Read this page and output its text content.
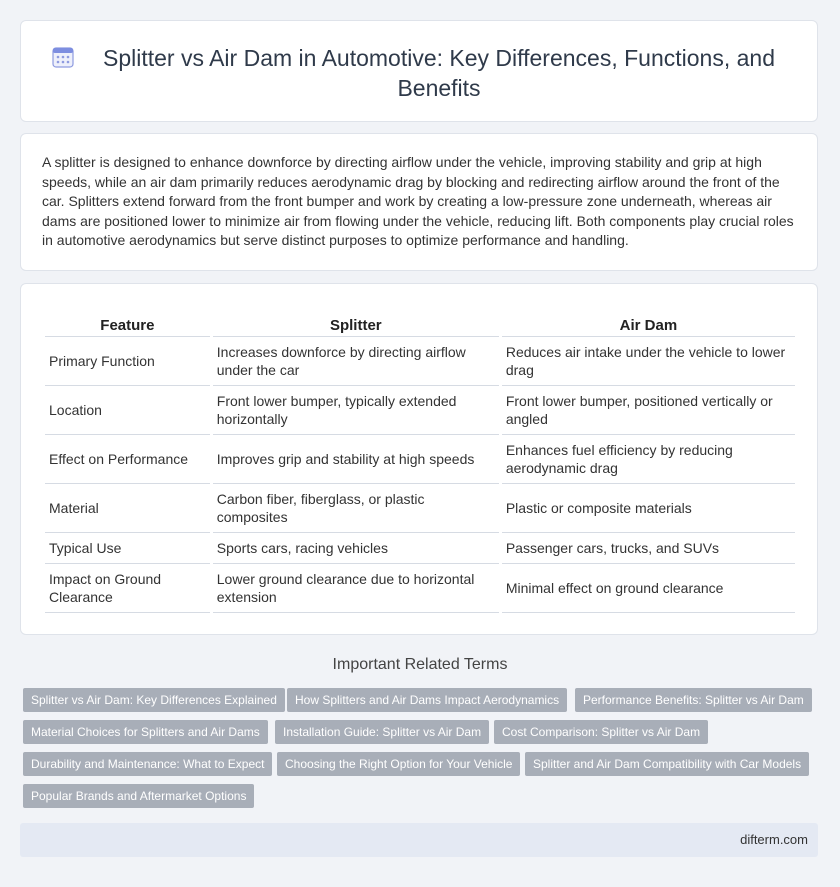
Splitter vs Air Dam in Automotive: Key Differences, Functions, and Benefits

A splitter is designed to enhance downforce by directing airflow under the vehicle, improving stability and grip at high speeds, while an air dam primarily reduces aerodynamic drag by blocking and redirecting airflow around the front of the car. Splitters extend forward from the front bumper and work by creating a low-pressure zone underneath, whereas air dams are positioned lower to minimize air from flowing under the vehicle, reducing lift. Both components play crucial roles in automotive aerodynamics but serve distinct purposes to optimize performance and handling.

Feature	Splitter	Air Dam
Primary Function	Increases downforce by directing airflow under the car	Reduces air intake under the vehicle to lower drag
Location	Front lower bumper, typically extended horizontally	Front lower bumper, positioned vertically or angled
Effect on Performance	Improves grip and stability at high speeds	Enhances fuel efficiency by reducing aerodynamic drag
Material	Carbon fiber, fiberglass, or plastic composites	Plastic or composite materials
Typical Use	Sports cars, racing vehicles	Passenger cars, trucks, and SUVs
Impact on Ground Clearance	Lower ground clearance due to horizontal extension	Minimal effect on ground clearance
Important Related Terms
Splitter vs Air Dam: Key Differences Explained	How Splitters and Air Dams Impact Aerodynamics	Performance Benefits: Splitter vs Air Dam
Material Choices for Splitters and Air Dams	Installation Guide: Splitter vs Air Dam	Cost Comparison: Splitter vs Air Dam
Durability and Maintenance: What to Expect	Choosing the Right Option for Your Vehicle	Splitter and Air Dam Compatibility with Car Models
Popular Brands and Aftermarket Options
difterm.com
